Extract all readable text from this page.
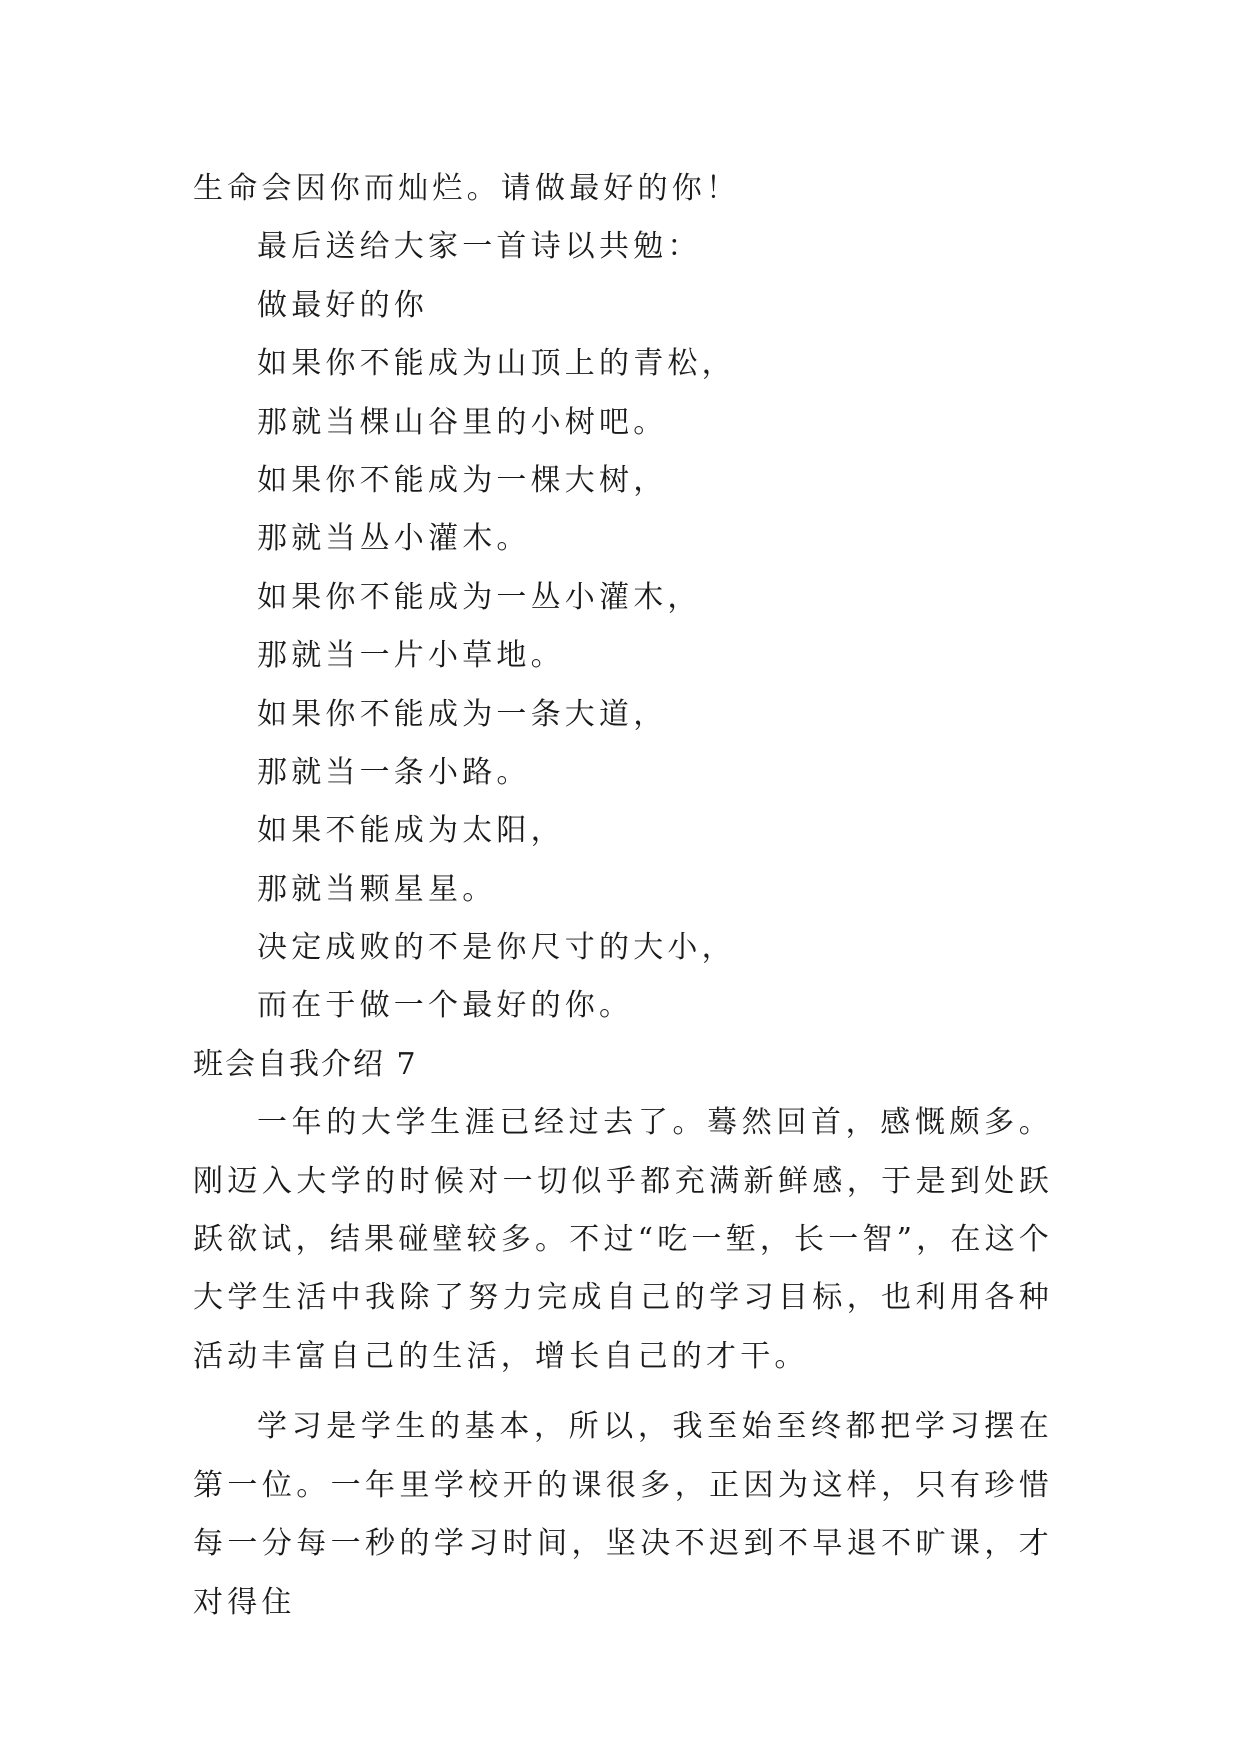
生命会因你而灿烂。请做最好的你！
最后送给大家一首诗以共勉：
做最好的你
如果你不能成为山顶上的青松，
那就当棵山谷里的小树吧。
如果你不能成为一棵大树，
那就当丛小灌木。
如果你不能成为一丛小灌木，
那就当一片小草地。
如果你不能成为一条大道，
那就当一条小路。
如果不能成为太阳，
那就当颗星星。
决定成败的不是你尺寸的大小，
而在于做一个最好的你。
班会自我介绍 7
一年的大学生涯已经过去了。蓦然回首，感慨颇多。刚迈入大学的时候对一切似乎都充满新鲜感，于是到处跃跃欲试，结果碰壁较多。不过“吃一堑，长一智”，在这个大学生活中我除了努力完成自己的学习目标，也利用各种活动丰富自己的生活，增长自己的才干。
学习是学生的基本，所以，我至始至终都把学习摆在第一位。一年里学校开的课很多，正因为这样，只有珍惜每一分每一秒的学习时间，坚决不迟到不早退不旷课，才对得住
